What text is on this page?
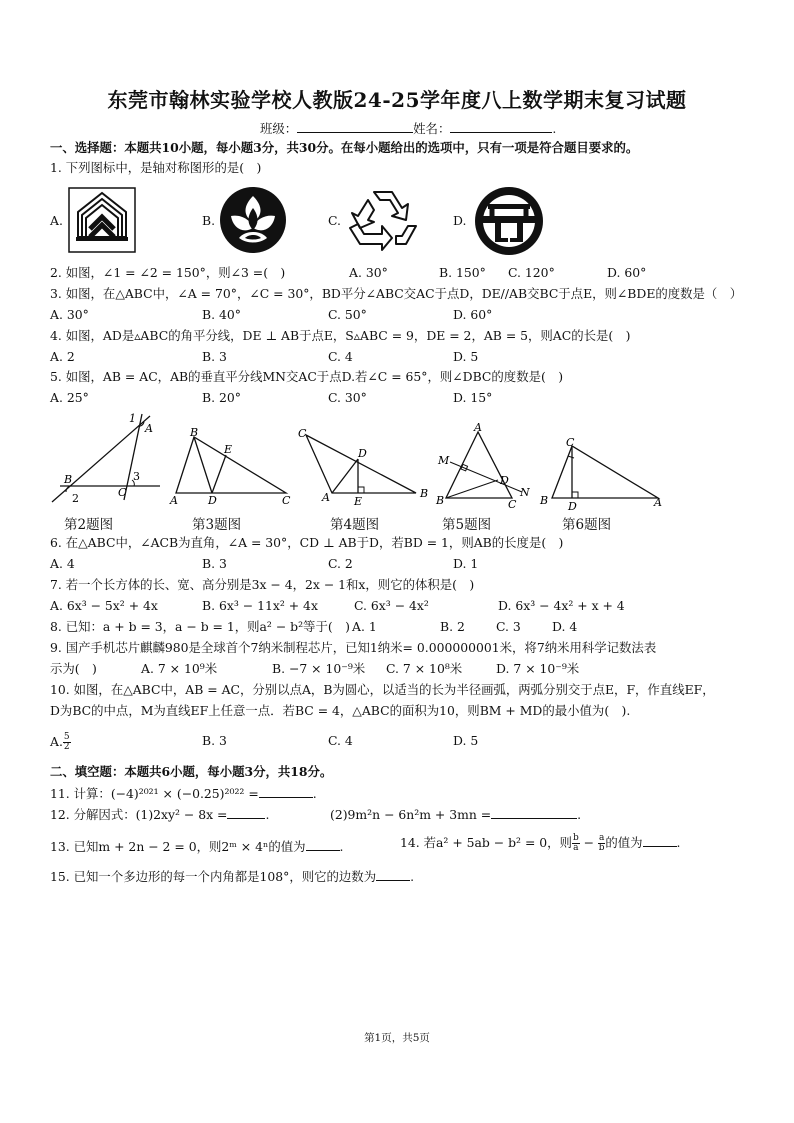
东莞市翰林实验学校人教版24-25学年度八上数学期末复习试题
班级：	姓名：	.
一、选择题：本题共10小题，每小题3分，共30分。在每小题给出的选项中，只有一项是符合题目要求的。
1. 下列图标中，是轴对称图形的是(　)
A.	B.	C.	D.
2. 如图，∠1 = ∠2 = 150°，则∠3 =(　)	A. 30°	B. 150° C. 120°	D. 60°
3. 如图，在△ABC中，∠A = 70°，∠C = 30°，BD平分∠ABC交AC于点D，DE//AB交BC于点E，则∠BDE的度数是（　）
A. 30°	B. 40°	C. 50°	D. 60°
4. 如图，AD是▵ABC的角平分线，DE ⊥ AB于点E，S▵ABC = 9，DE = 2，AB = 5，则AC的长是(　)
A. 2	B. 3	C. 4	D. 5
5. 如图，AB = AC，AB的垂直平分线MN交AC于点D.若∠C = 65°，则∠DBC的度数是(　)
A. 25°	B. 20°	C. 30°	D. 15°
1
A
B
2	C
3
B
E
A	D	C
C
D
A E
B
A
M
D
N
B	C
C
B D	A
第2题图	第3题图	第4题图	第5题图	第6题图
6. 在△ABC中，∠ACB为直角，∠A = 30°，CD ⊥ AB于D，若BD = 1，则AB的长度是(　)
A. 4	B. 3	C. 2	D. 1
7. 若一个长方体的长、宽、高分别是3x − 4，2x − 1和x，则它的体积是(　)
A. 6x³ − 5x² + 4x	B. 6x³ − 11x² + 4x	C. 6x³ − 4x²	D. 6x³ − 4x² + x + 4
8. 已知：a + b = 3，a − b = 1，则a² − b²等于(　) A. 1	B. 2	C. 3	D. 4
9. 国产手机芯片麒麟980是全球首个7纳米制程芯片，已知1纳米= 0.000000001米，将7纳米用科学记数法表
示为(　)	A. 7 × 10⁹米	B. −7 × 10⁻⁹米 C. 7 × 10⁸米	D. 7 × 10⁻⁹米
10. 如图，在△ABC中，AB = AC，分别以点A，B为圆心，以适当的长为半径画弧，两弧分别交于点E，F，作直线EF，
D为BC的中点，M为直线EF上任意一点．若BC = 4，△ABC的面积为10，则BM + MD的最小值为(　).
A. $\frac{5}{2}$	B. 3	C. 4	D. 5
二、填空题：本题共6小题，每小题3分，共18分。
11. 计算：(−4)²⁰²¹ × (−0.25)²⁰²² =	.
12. 分解因式：(1)2xy² − 8x =	.	(2)9m²n − 6n²m + 3mn =	.
13. 已知m + 2n − 2 = 0，则2ᵐ × 4ⁿ的值为	.	14. 若a² + 5ab − b² = 0，则 $\frac{b}{a} - \frac{a}{b}$ 的值为	.
15. 已知一个多边形的每一个内角都是108°，则它的边数为	.
第1页，共5页
